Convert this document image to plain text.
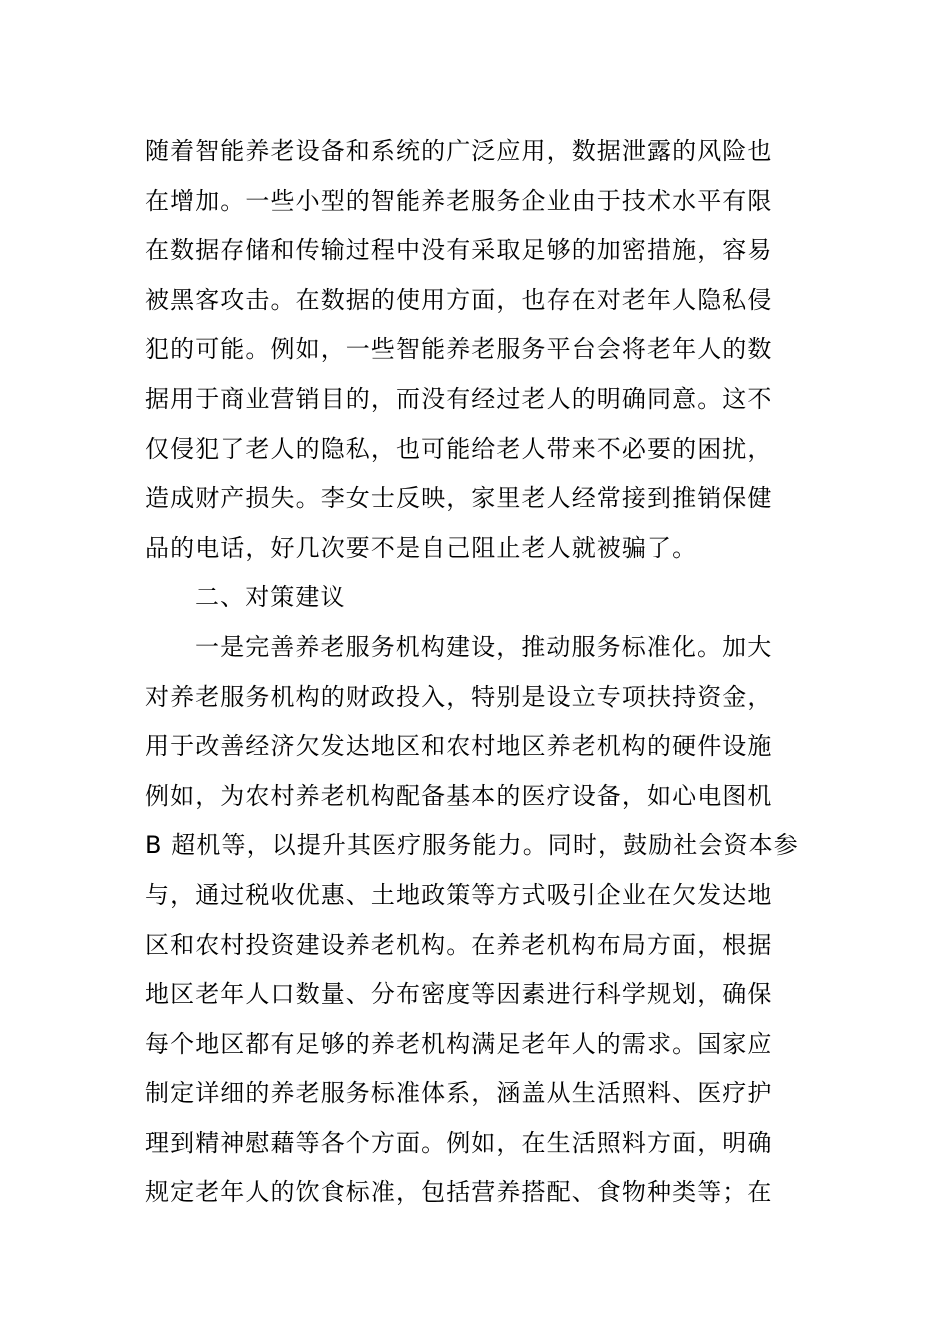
随着智能养老设备和系统的广泛应用，数据泄露的风险也
在增加。一些小型的智能养老服务企业由于技术水平有限
在数据存储和传输过程中没有采取足够的加密措施，容易
被黑客攻击。在数据的使用方面，也存在对老年人隐私侵
犯的可能。例如，一些智能养老服务平台会将老年人的数
据用于商业营销目的，而没有经过老人的明确同意。这不
仅侵犯了老人的隐私，也可能给老人带来不必要的困扰，
造成财产损失。李女士反映，家里老人经常接到推销保健
品的电话，好几次要不是自己阻止老人就被骗了。
二、对策建议
一是完善养老服务机构建设，推动服务标准化。加大
对养老服务机构的财政投入，特别是设立专项扶持资金，
用于改善经济欠发达地区和农村地区养老机构的硬件设施
例如，为农村养老机构配备基本的医疗设备，如心电图机
B 超机等，以提升其医疗服务能力。同时，鼓励社会资本参
与，通过税收优惠、土地政策等方式吸引企业在欠发达地
区和农村投资建设养老机构。在养老机构布局方面，根据
地区老年人口数量、分布密度等因素进行科学规划，确保
每个地区都有足够的养老机构满足老年人的需求。国家应
制定详细的养老服务标准体系，涵盖从生活照料、医疗护
理到精神慰藉等各个方面。例如，在生活照料方面，明确
规定老年人的饮食标准，包括营养搭配、食物种类等；在
